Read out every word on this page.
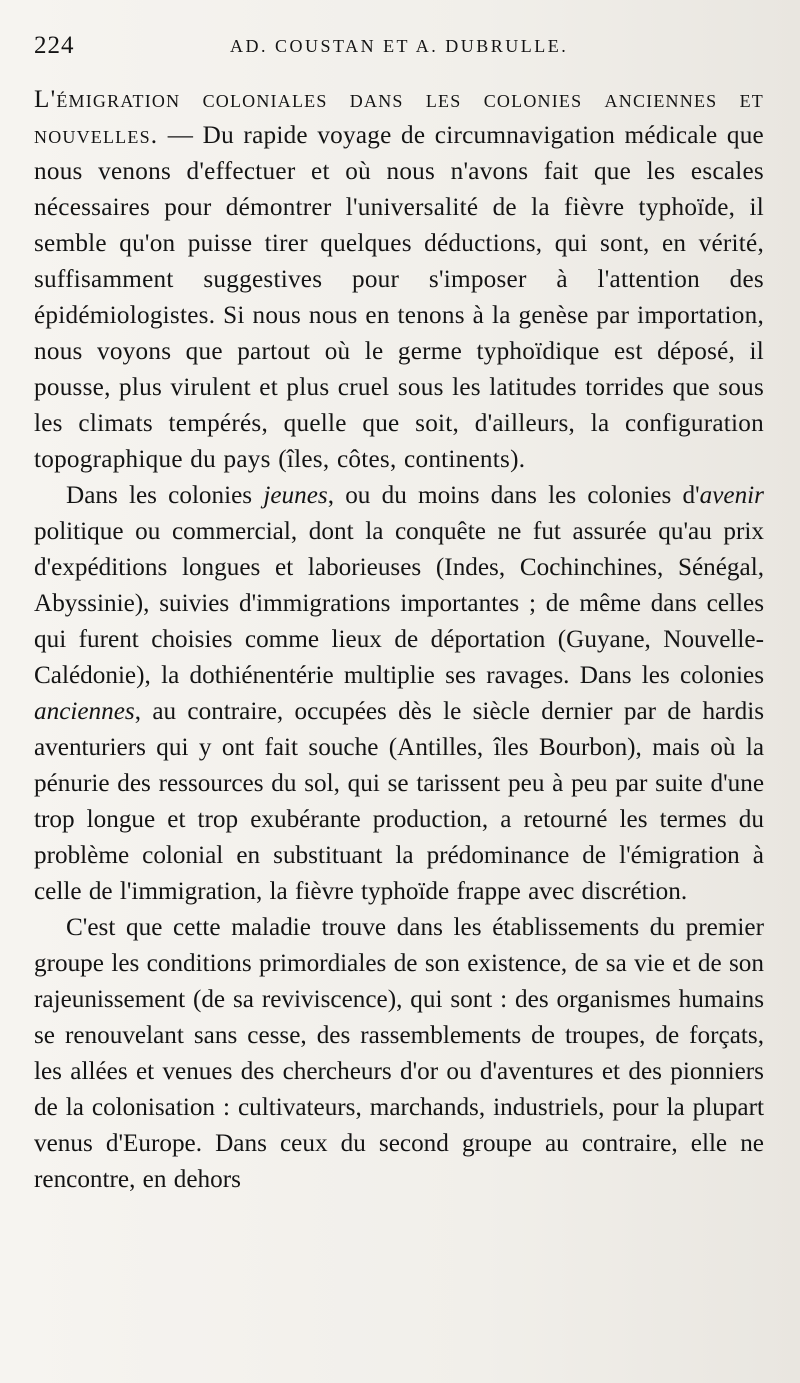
224	AD. COUSTAN ET A. DUBRULLE.

L'émigration coloniales dans les colonies anciennes et nouvelles. — Du rapide voyage de circumnavigation médicale que nous venons d'effectuer et où nous n'avons fait que les escales nécessaires pour démontrer l'universalité de la fièvre typhoïde, il semble qu'on puisse tirer quelques déductions, qui sont, en vérité, suffisamment suggestives pour s'imposer à l'attention des épidémiologistes. Si nous nous en tenons à la genèse par importation, nous voyons que partout où le germe typhoïdique est déposé, il pousse, plus virulent et plus cruel sous les latitudes torrides que sous les climats tempérés, quelle que soit, d'ailleurs, la configuration topographique du pays (îles, côtes, continents).

Dans les colonies jeunes, ou du moins dans les colonies d'avenir politique ou commercial, dont la conquête ne fut assurée qu'au prix d'expéditions longues et laborieuses (Indes, Cochinchines, Sénégal, Abyssinie), suivies d'immigrations importantes ; de même dans celles qui furent choisies comme lieux de déportation (Guyane, Nouvelle-Calédonie), la dothiénentérie multiplie ses ravages. Dans les colonies anciennes, au contraire, occupées dès le siècle dernier par de hardis aventuriers qui y ont fait souche (Antilles, îles Bourbon), mais où la pénurie des ressources du sol, qui se tarissent peu à peu par suite d'une trop longue et trop exubérante production, a retourné les termes du problème colonial en substituant la prédominance de l'émigration à celle de l'immigration, la fièvre typhoïde frappe avec discrétion.

C'est que cette maladie trouve dans les établissements du premier groupe les conditions primordiales de son existence, de sa vie et de son rajeunissement (de sa reviviscence), qui sont : des organismes humains se renouvelant sans cesse, des rassemblements de troupes, de forçats, les allées et venues des chercheurs d'or ou d'aventures et des pionniers de la colonisation : cultivateurs, marchands, industriels, pour la plupart venus d'Europe. Dans ceux du second groupe au contraire, elle ne rencontre, en dehors
